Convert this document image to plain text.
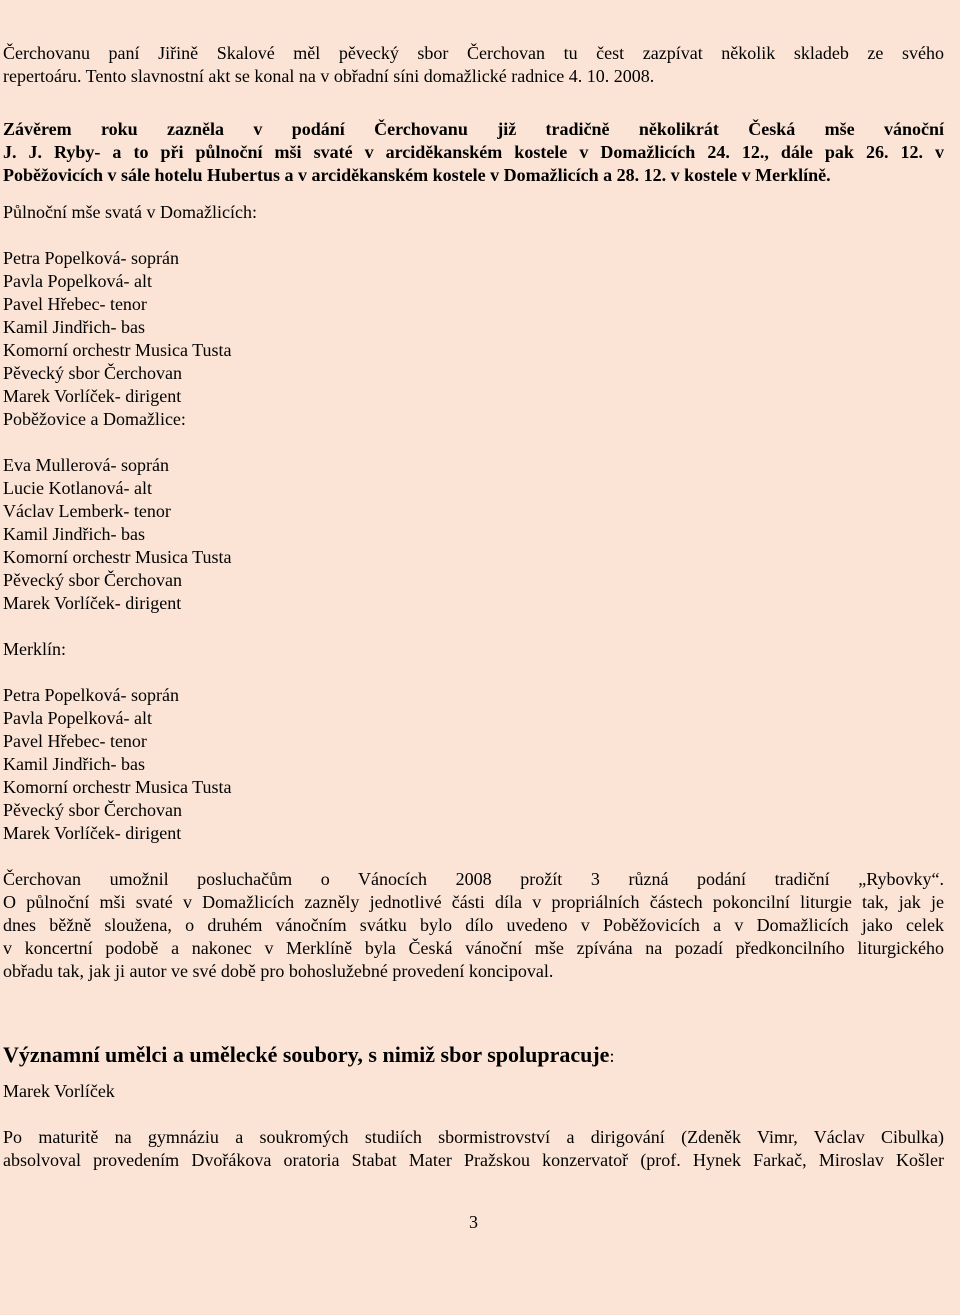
Čerchovanu paní Jiřině Skalové měl pěvecký sbor Čerchovan tu čest zazpívat několik skladeb ze svého

repertoáru. Tento slavnostní akt se konal na v obřadní síni domažlické radnice 4. 10. 2008.

Závěrem roku zazněla v podání Čerchovanu již tradičně několikrát Česká mše vánoční

J. J. Ryby- a to při půlnoční mši svaté v arciděkanském kostele v Domažlicích 24. 12., dále pak 26. 12. v

Poběžovicích v sále hotelu Hubertus a v arciděkanském kostele v Domažlicích a 28. 12. v kostele v Merklíně.

Půlnoční mše svatá v Domažlicích:

Petra Popelková- soprán
Pavla Popelková- alt
Pavel Hřebec- tenor
Kamil Jindřich- bas
Komorní orchestr Musica Tusta
Pěvecký sbor Čerchovan
Marek Vorlíček- dirigent

Poběžovice a Domažlice:

Eva Mullerová- soprán
Lucie Kotlanová- alt
Václav Lemberk- tenor
Kamil Jindřich- bas
Komorní orchestr Musica Tusta
Pěvecký sbor Čerchovan
Marek Vorlíček- dirigent

Merklín:

Petra Popelková- soprán
Pavla Popelková- alt
Pavel Hřebec- tenor
Kamil Jindřich- bas
Komorní orchestr Musica Tusta
Pěvecký sbor Čerchovan
Marek Vorlíček- dirigent

Čerchovan umožnil posluchačům o Vánocích 2008 prožít 3 různá podání tradiční „Rybovky“.

O půlnoční mši svaté v Domažlicích zazněly jednotlivé části díla v propriálních částech pokoncilní liturgie tak, jak je

dnes běžně sloužena, o druhém vánočním svátku bylo dílo uvedeno v Poběžovicích a v Domažlicích jako celek

v koncertní podobě a nakonec v Merklíně byla Česká vánoční mše zpívána na pozadí předkoncilního liturgického

obřadu tak, jak ji autor ve své době pro bohoslužebné provedení koncipoval.

Významní umělci a umělecké soubory, s nimiž sbor spolupracuje:

Marek Vorlíček

Po maturitě na gymnáziu a soukromých studiích sbormistrovství a dirigování (Zdeněk Vimr, Václav Cibulka)

absolvoval provedením Dvořákova oratoria Stabat Mater Pražskou konzervatoř (prof. Hynek Farkač, Miroslav Košler

3
